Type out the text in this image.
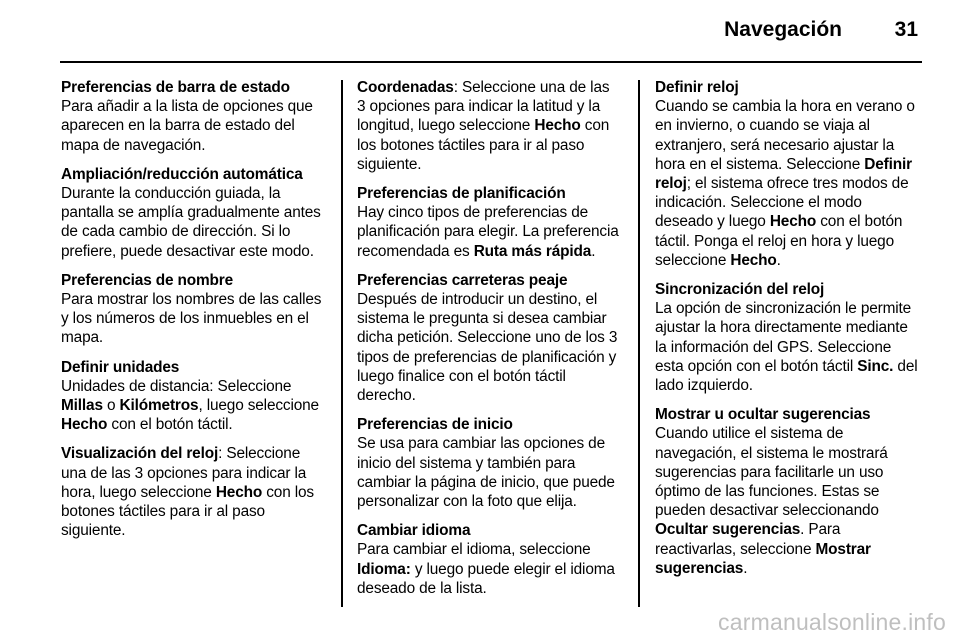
Navegación	31
Preferencias de barra de estado
Para añadir a la lista de opciones que aparecen en la barra de estado del mapa de navegación.
Ampliación/reducción automática
Durante la conducción guiada, la pantalla se amplía gradualmente antes de cada cambio de dirección. Si lo prefiere, puede desactivar este modo.
Preferencias de nombre
Para mostrar los nombres de las calles y los números de los inmuebles en el mapa.
Definir unidades
Unidades de distancia: Seleccione Millas o Kilómetros, luego seleccione Hecho con el botón táctil.
Visualización del reloj: Seleccione una de las 3 opciones para indicar la hora, luego seleccione Hecho con los botones táctiles para ir al paso siguiente.
Coordenadas: Seleccione una de las 3 opciones para indicar la latitud y la longitud, luego seleccione Hecho con los botones táctiles para ir al paso siguiente.
Preferencias de planificación
Hay cinco tipos de preferencias de planificación para elegir. La preferencia recomendada es Ruta más rápida.
Preferencias carreteras peaje
Después de introducir un destino, el sistema le pregunta si desea cambiar dicha petición. Seleccione uno de los 3 tipos de preferencias de planificación y luego finalice con el botón táctil derecho.
Preferencias de inicio
Se usa para cambiar las opciones de inicio del sistema y también para cambiar la página de inicio, que puede personalizar con la foto que elija.
Cambiar idioma
Para cambiar el idioma, seleccione Idioma: y luego puede elegir el idioma deseado de la lista.
Definir reloj
Cuando se cambia la hora en verano o en invierno, o cuando se viaja al extranjero, será necesario ajustar la hora en el sistema. Seleccione Definir reloj; el sistema ofrece tres modos de indicación. Seleccione el modo deseado y luego Hecho con el botón táctil. Ponga el reloj en hora y luego seleccione Hecho.
Sincronización del reloj
La opción de sincronización le permite ajustar la hora directamente mediante la información del GPS. Seleccione esta opción con el botón táctil Sinc. del lado izquierdo.
Mostrar u ocultar sugerencias
Cuando utilice el sistema de navegación, el sistema le mostrará sugerencias para facilitarle un uso óptimo de las funciones. Estas se pueden desactivar seleccionando Ocultar sugerencias. Para reactivarlas, seleccione Mostrar sugerencias.
carmanualsonline.info
